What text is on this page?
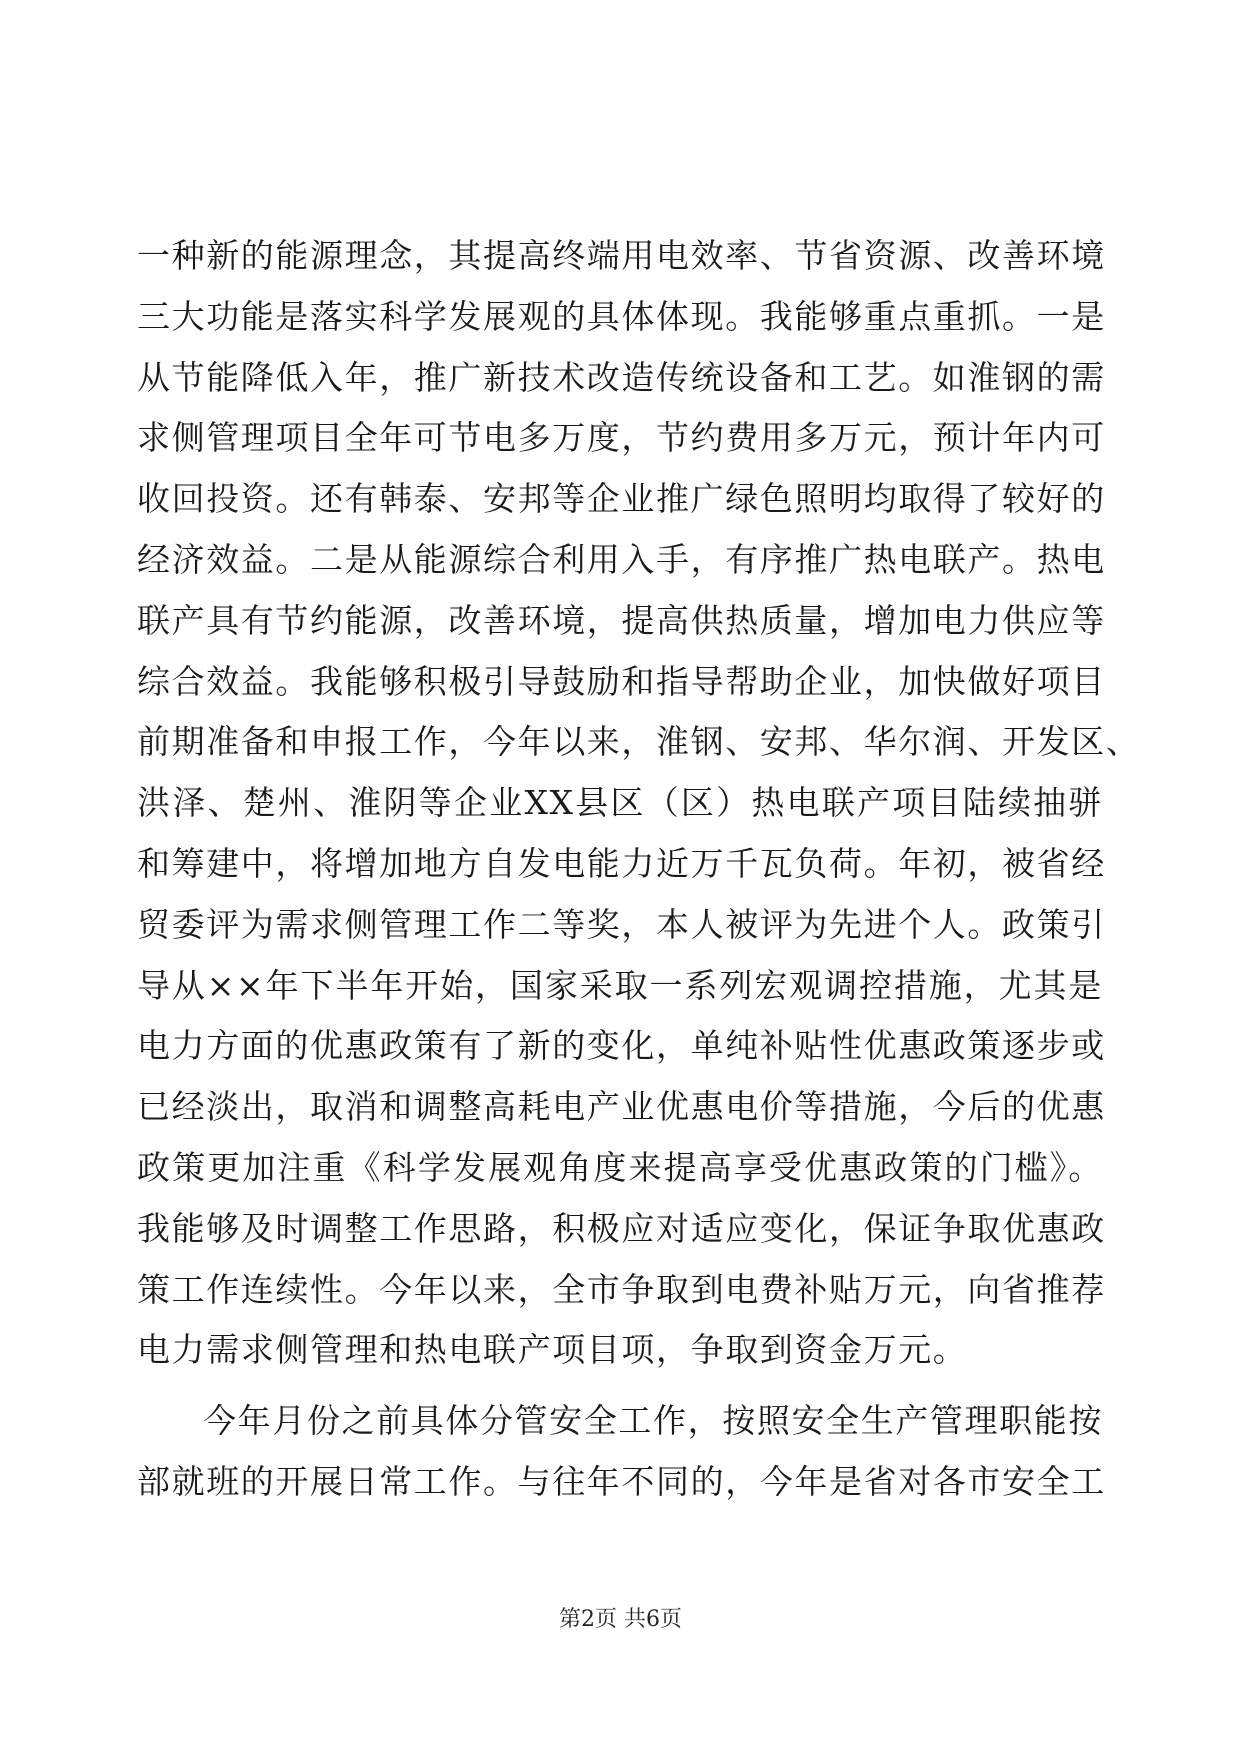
一种新的能源理念，其提高终端用电效率、节省资源、改善环境
三大功能是落实科学发展观的具体体现。我能够重点重抓。一是
从节能降低入年，推广新技术改造传统设备和工艺。如淮钢的需
求侧管理项目全年可节电多万度，节约费用多万元，预计年内可
收回投资。还有韩泰、安邦等企业推广绿色照明均取得了较好的
经济效益。二是从能源综合利用入手，有序推广热电联产。热电
联产具有节约能源，改善环境，提高供热质量，增加电力供应等
综合效益。我能够积极引导鼓励和指导帮助企业，加快做好项目
前期准备和申报工作，今年以来，淮钢、安邦、华尔润、开发区、
洪泽、楚州、淮阴等企业XX县区（区）热电联产项目陆续抽骈
和筹建中，将增加地方自发电能力近万千瓦负荷。年初，被省经
贸委评为需求侧管理工作二等奖，本人被评为先进个人。政策引
导从××年下半年开始，国家采取一系列宏观调控措施，尤其是
电力方面的优惠政策有了新的变化，单纯补贴性优惠政策逐步或
已经淡出，取消和调整高耗电产业优惠电价等措施，今后的优惠
政策更加注重《科学发展观角度来提高享受优惠政策的门槛》。
我能够及时调整工作思路，积极应对适应变化，保证争取优惠政
策工作连续性。今年以来，全市争取到电费补贴万元，向省推荐
电力需求侧管理和热电联产项目项，争取到资金万元。
今年月份之前具体分管安全工作，按照安全生产管理职能按
部就班的开展日常工作。与往年不同的，今年是省对各市安全工
第2页 共6页
